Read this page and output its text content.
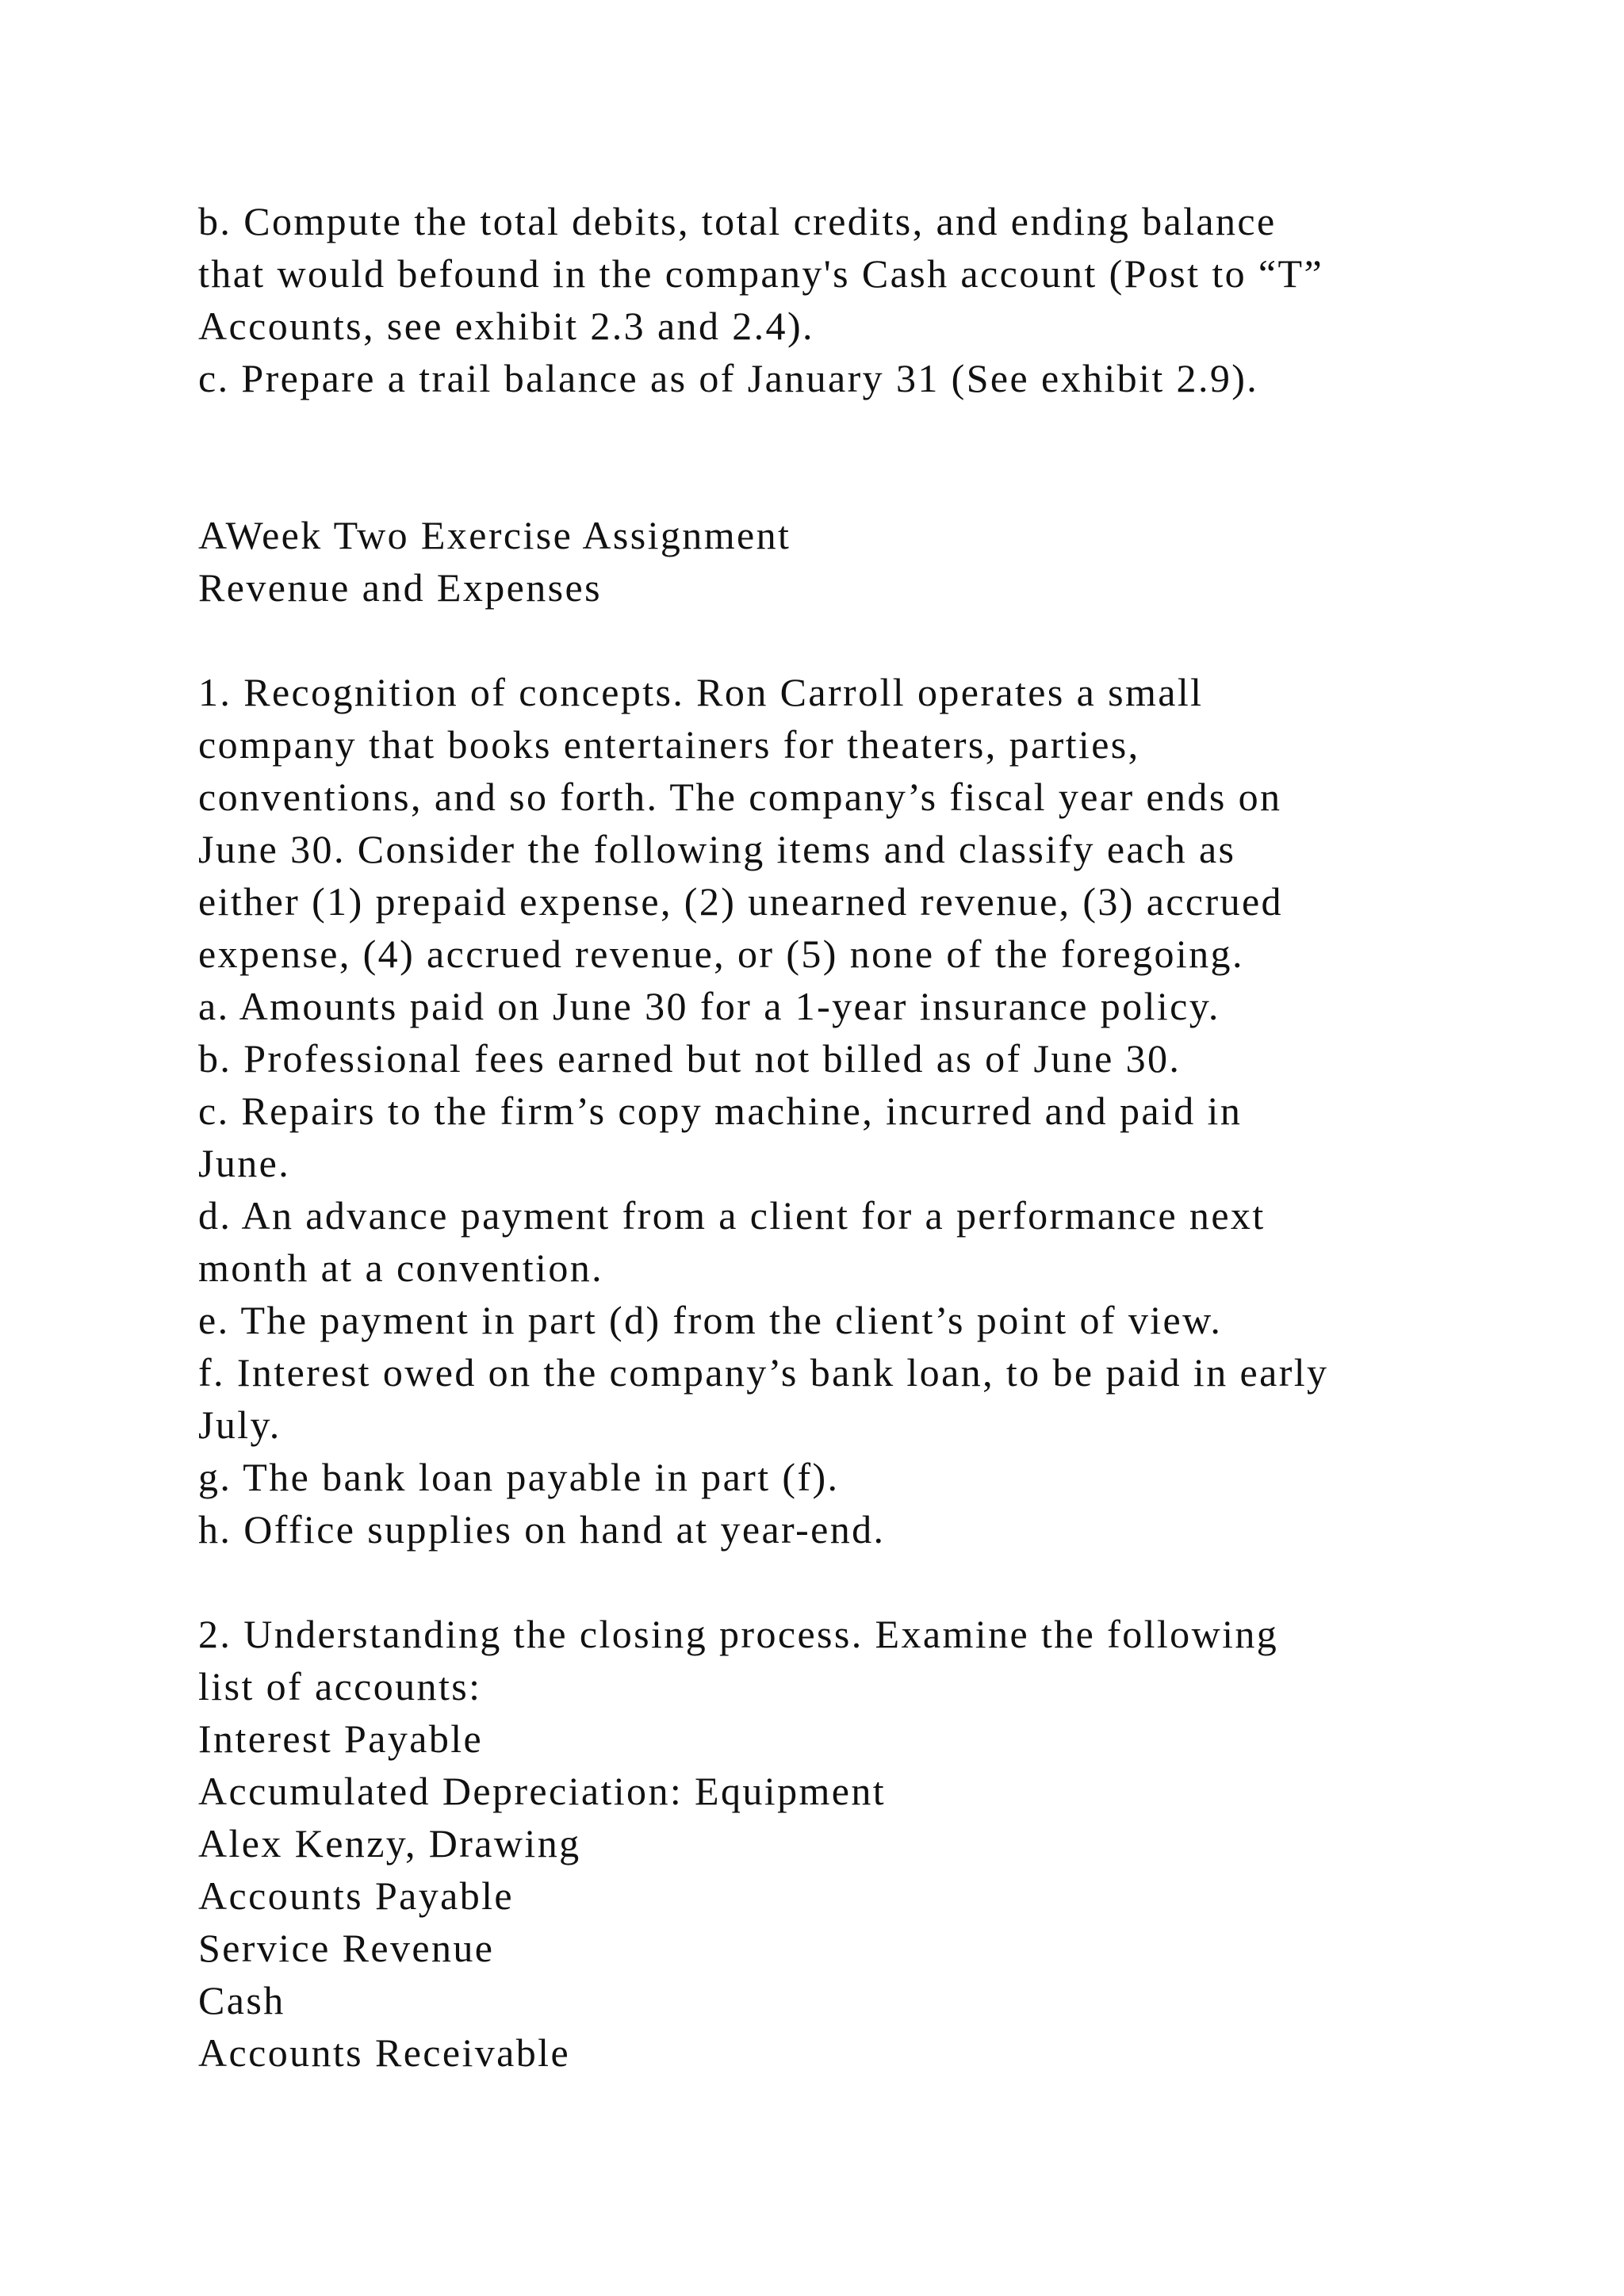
b. Compute the total debits, total credits, and ending balance
that would befound in the company's Cash account (Post to “T”
Accounts, see exhibit 2.3 and 2.4).
c. Prepare a trail balance as of January 31 (See exhibit 2.9).
AWeek Two Exercise Assignment
Revenue and Expenses
1. Recognition of concepts. Ron Carroll operates a small
company that books entertainers for theaters, parties,
conventions, and so forth. The company’s fiscal year ends on
June 30. Consider the following items and classify each as
either (1) prepaid expense, (2) unearned revenue, (3) accrued
expense, (4) accrued revenue, or (5) none of the foregoing.
a. Amounts paid on June 30 for a 1-year insurance policy.
b. Professional fees earned but not billed as of June 30.
c. Repairs to the firm’s copy machine, incurred and paid in
June.
d. An advance payment from a client for a performance next
month at a convention.
e. The payment in part (d) from the client’s point of view.
f. Interest owed on the company’s bank loan, to be paid in early
July.
g. The bank loan payable in part (f).
h. Office supplies on hand at year-end.
2. Understanding the closing process. Examine the following
list of accounts:
Interest Payable
Accumulated Depreciation: Equipment
Alex Kenzy, Drawing
Accounts Payable
Service Revenue
Cash
Accounts Receivable
